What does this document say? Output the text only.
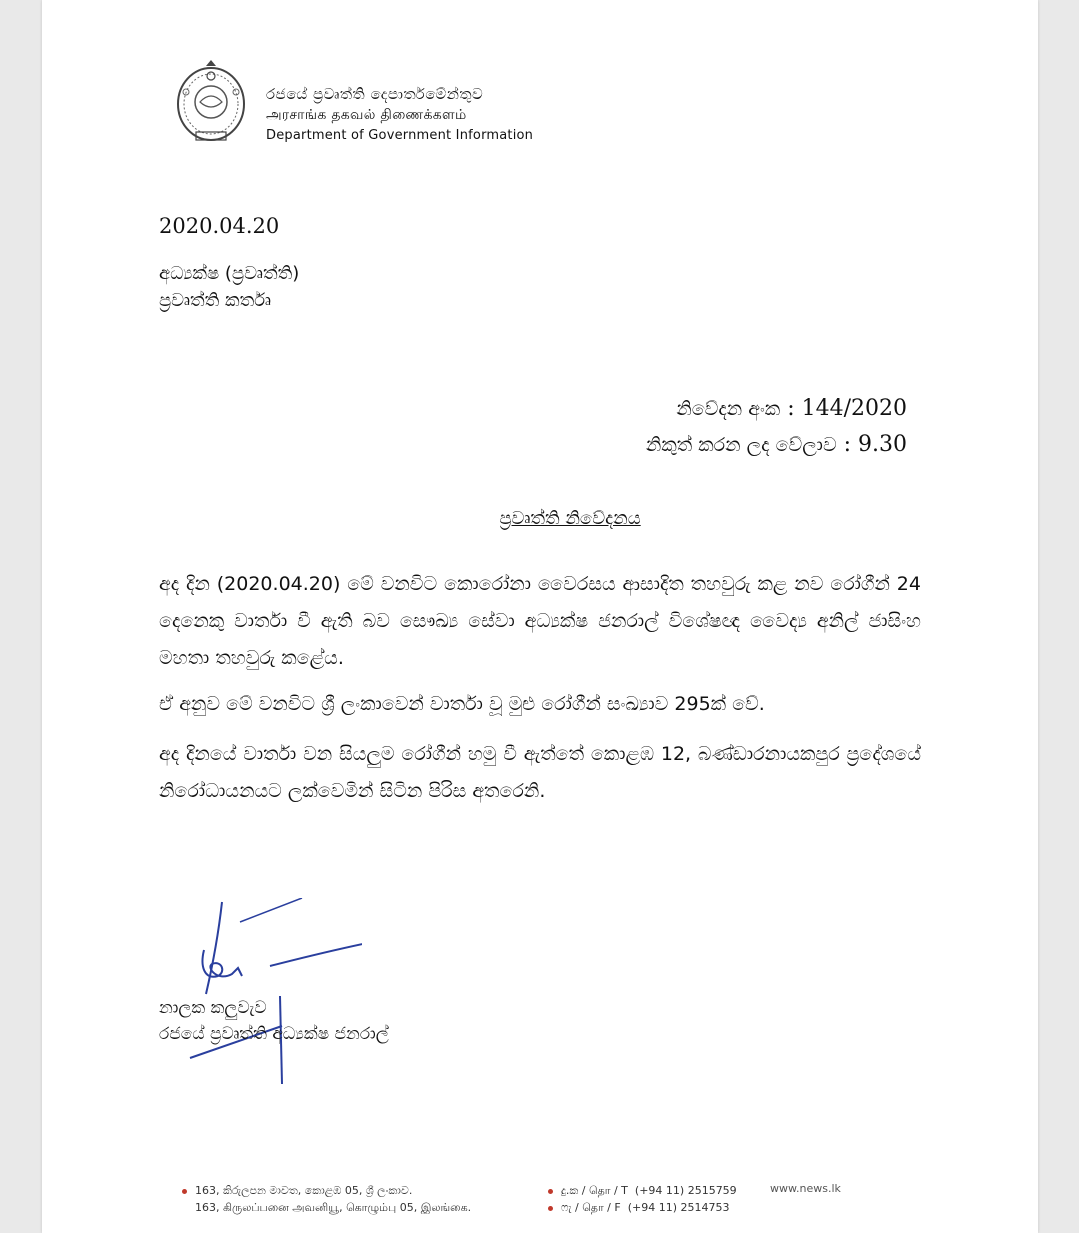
රජයේ ප්‍රවෘත්ති දෙපාර්තමේන්තුව
அரசாங்க தகவல் திணைக்களம்
Department of Government Information
2020.04.20
අධ්‍යක්ෂ (ප්‍රවෘත්ති)
ප්‍රවෘත්ති කර්තෘ
නිවේදන අංක : 144/2020
නිකුත් කරන ලද වේලාව : 9.30
ප්‍රවෘත්ති නිවේදනය
අද දින (2020.04.20) මේ වනවිට කොරෝනා වෛරසය ආසාදිත තහවුරු කළ නව රෝගීන් 24 දෙනෙකු වාර්තා වී ඇති බව සෞඛ්‍ය සේවා අධ්‍යක්ෂ ජනරාල් විශේෂඥ වෛද්‍ය අනිල් ජාසිංහ මහතා තහවුරු කළේය.
ඒ අනුව මේ වනවිට ශ්‍රී ලංකාවෙන් වාර්තා වූ මුළු රෝගීන් සංඛ්‍යාව 295ක් වේ.
අද දිනයේ වාර්තා වන සියලුම රෝගීන් හමු වී ඇත්තේ කොළඹ 12, බණ්ඩාරනායකපුර ප්‍රදේශයේ නිරෝධායනයට ලක්වෙමින් සිටින පිරිස අතරෙනි.
නාලක කලුවැව
රජයේ ප්‍රවෘත්ති අධ්‍යක්ෂ ජනරාල්
163, කිරුලපන මාවත, කොළඹ 05, ශ්‍රී ලංකාව.
163, கிருலப்பனை அவனியூ, கொழும்பு 05, இலங்கை.
දු.ක / தொ / T (+94 11) 2515759
ෆැ / தொ / F (+94 11) 2514753
www.news.lk
